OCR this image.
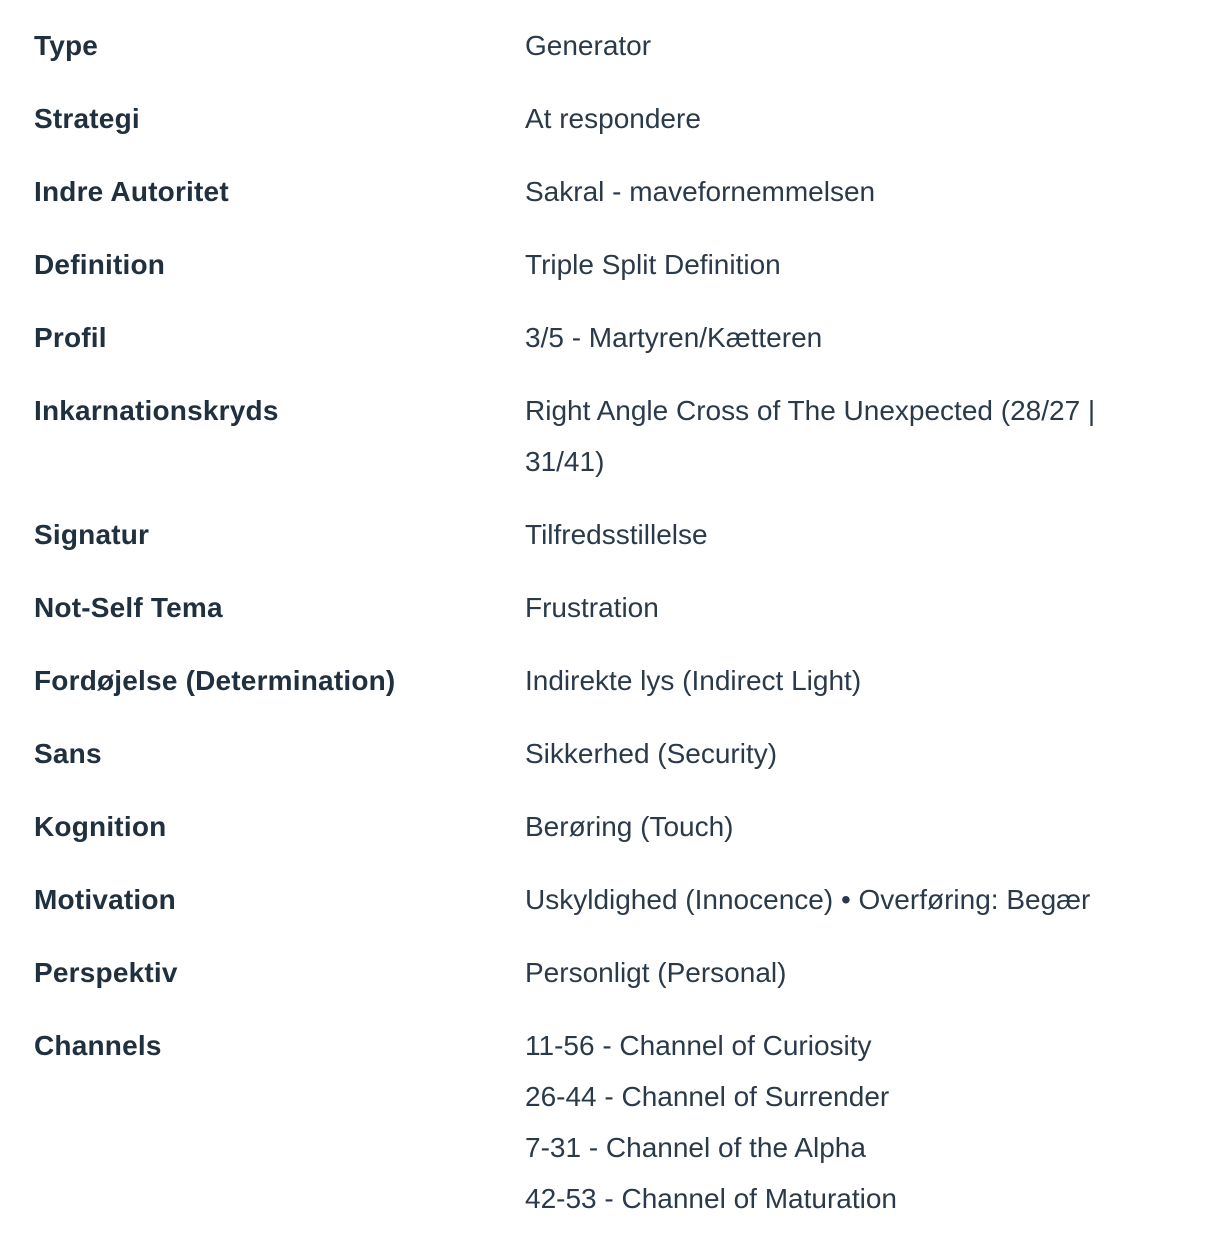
Type	Generator
Strategi	At respondere
Indre Autoritet	Sakral - mavefornemmelsen
Definition	Triple Split Definition
Profil	3/5 - Martyren/Kætteren
Inkarnationskryds	Right Angle Cross of The Unexpected (28/27 | 31/41)
Signatur	Tilfredsstillelse
Not-Self Tema	Frustration
Fordøjelse (Determination)	Indirekte lys (Indirect Light)
Sans	Sikkerhed (Security)
Kognition	Berøring (Touch)
Motivation	Uskyldighed (Innocence) • Overføring: Begær
Perspektiv	Personligt (Personal)
Channels	11-56 - Channel of Curiosity
26-44 - Channel of Surrender
7-31 - Channel of the Alpha
42-53 - Channel of Maturation
